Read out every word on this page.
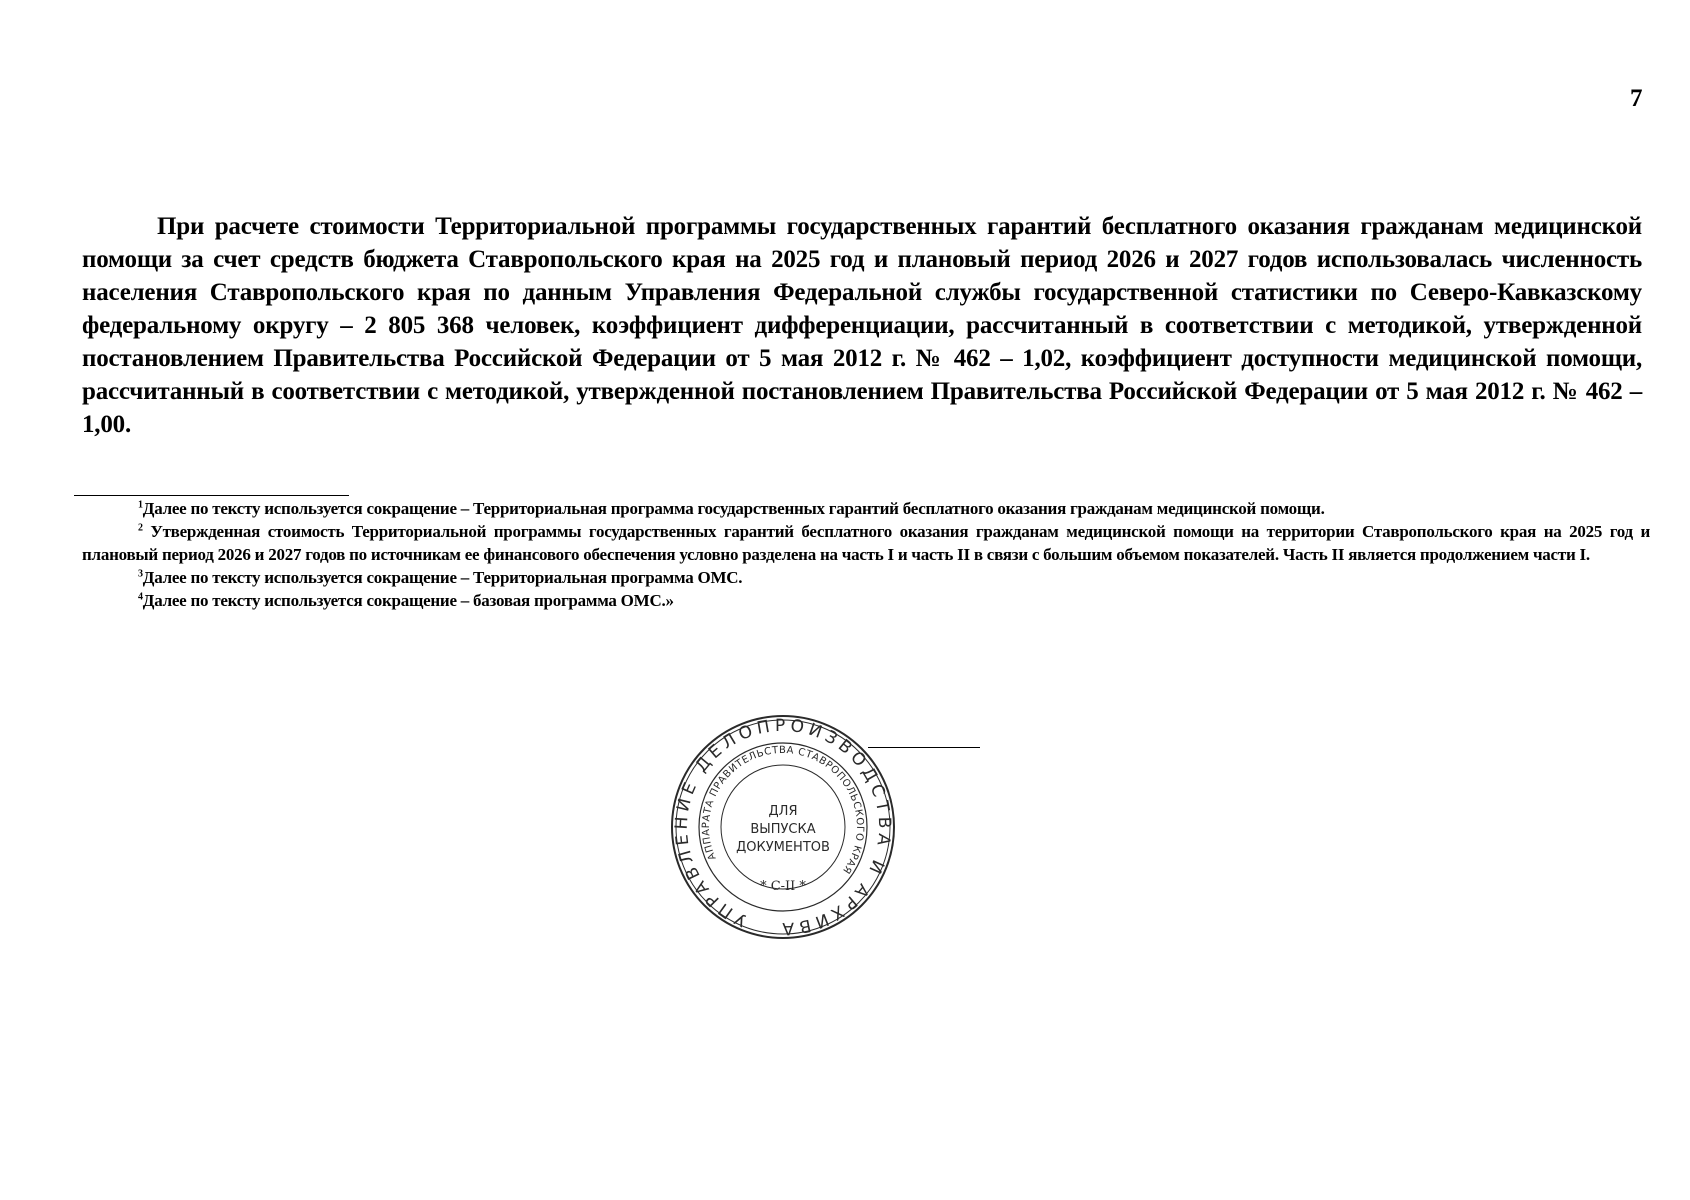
7

При расчете стоимости Территориальной программы государственных гарантий бесплатного оказания гражданам медицинской помощи за счет средств бюджета Ставропольского края на 2025 год и плановый период 2026 и 2027 годов использовалась численность населения Ставропольского края по данным Управления Федеральной службы государственной статистики по Северо-Кавказскому федеральному округу – 2 805 368 человек, коэффициент дифференциации, рассчитанный в соответствии с методикой, утвержденной постановлением Правительства Российской Федерации от 5 мая 2012 г. № 462 – 1,02, коэффициент доступности медицинской помощи, рассчитанный в соответствии с методикой, утвержденной постановлением Правительства Российской Федерации от 5 мая 2012 г. № 462 – 1,00.

$^1$Далее по тексту используется сокращение – Территориальная программа государственных гарантий бесплатного оказания гражданам медицинской помощи.

$^2$ Утвержденная стоимость Территориальной программы государственных гарантий бесплатного оказания гражданам медицинской помощи на территории Ставропольского края на 2025 год и плановый период 2026 и 2027 годов по источникам ее финансового обеспечения условно разделена на часть I и часть II в связи с большим объемом показателей. Часть II является продолжением части I.

$^3$Далее по тексту используется сокращение – Территориальная программа ОМС.

$^4$Далее по тексту используется сокращение – базовая программа ОМС.»

УПРАВЛЕНИЕ ДЕЛОПРОИЗВОДСТВА И АРХИВА
АППАРАТА ПРАВИТЕЛЬСТВА СТАВРОПОЛЬСКОГО КРАЯ
ДЛЯ
ВЫПУСКА
ДОКУМЕНТОВ
* С-II *
